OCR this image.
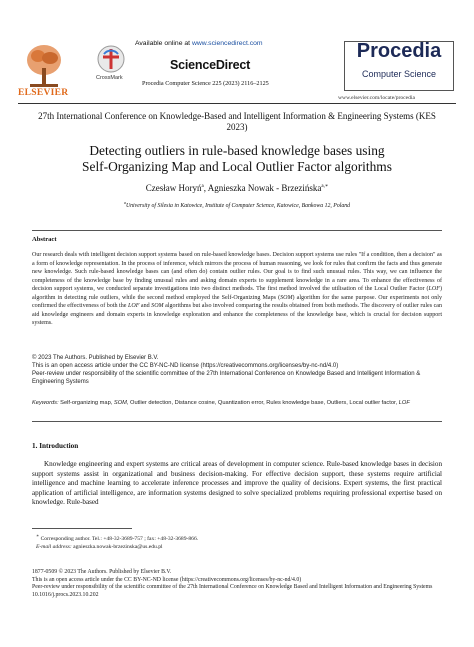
ELSEVIER
CrossMark
Available online at www.sciencedirect.com
ScienceDirect
Procedia Computer Science 225 (2023) 2116–2125
Procedia
Computer Science
www.elsevier.com/locate/procedia
27th International Conference on Knowledge-Based and Intelligent Information & Engineering Systems (KES 2023)
Detecting outliers in rule-based knowledge bases using
Self-Organizing Map and Local Outlier Factor algorithms
Czesław Horyń$^a$, Agnieszka Nowak - Brzezińska$^{a,∗}$
$^a$University of Silesia in Katowice, Institute of Computer Science, Katowice, Bankowa 12, Poland
Abstract
Our research deals with intelligent decision support systems based on rule-based knowledge bases. Decision support systems use rules "If a condition, then a decision" as a form of knowledge representation. In the process of inference, which mirrors the process of human reasoning, we look for rules that confirm the facts and thus generate new knowledge. Such rule-based knowledge bases can (and often do) contain outlier rules. Our goal is to find such unusual rules. This way, we can influence the completeness of the knowledge base by finding unusual rules and asking domain experts to supplement knowledge in a rare area. To enhance the effectiveness of decision support systems, we conducted separate investigations into two distinct methods. The first method involved the utilisation of the Local Outlier Factor (LOF) algorithm in detecting rule outliers, while the second method employed the Self-Organizing Maps (SOM) algorithm for the same purpose. Our experiments not only confirmed the effectiveness of both the LOF and SOM algorithms but also involved comparing the results obtained from both methods. The discovery of outlier rules can aid knowledge engineers and domain experts in knowledge exploration and enhance the completeness of the knowledge base, which is crucial for decision support systems.
© 2023 The Authors. Published by Elsevier B.V.
This is an open access article under the CC BY-NC-ND license (https://creativecommons.org/licenses/by-nc-nd/4.0)
Peer-review under responsibility of the scientific committee of the 27th International Conference on Knowledge Based and Intelligent Information & Engineering Systems
Keywords: Self-organizing map, SOM, Outlier detection, Distance cosine, Quantization error, Rules knowledge base, Outliers, Local outlier factor, LOF
1. Introduction
Knowledge engineering and expert systems are critical areas of development in computer science. Rule-based knowledge bases in decision support systems assist in organizational and business decision-making. For effective decision support, these systems require artificial intelligence and machine learning to accelerate inference processes and improve the quality of decisions. Expert systems, the first practical application of artificial intelligence, are information systems designed to solve specialized problems requiring professional expertise based on knowledge. Rule-based
∗ Corresponding author. Tel.: +48-32-3689-757 ; fax: +48-32-3689-866.
E-mail address: agnieszka.nowak-brzezinska@us.edu.pl
1877-0509 © 2023 The Authors. Published by Elsevier B.V.
This is an open access article under the CC BY-NC-ND license (https://creativecommons.org/licenses/by-nc-nd/4.0)
Peer-review under responsibility of the scientific committee of the 27th International Conference on Knowledge Based and Intelligent Information and Engineering Systems
10.1016/j.procs.2023.10.202
